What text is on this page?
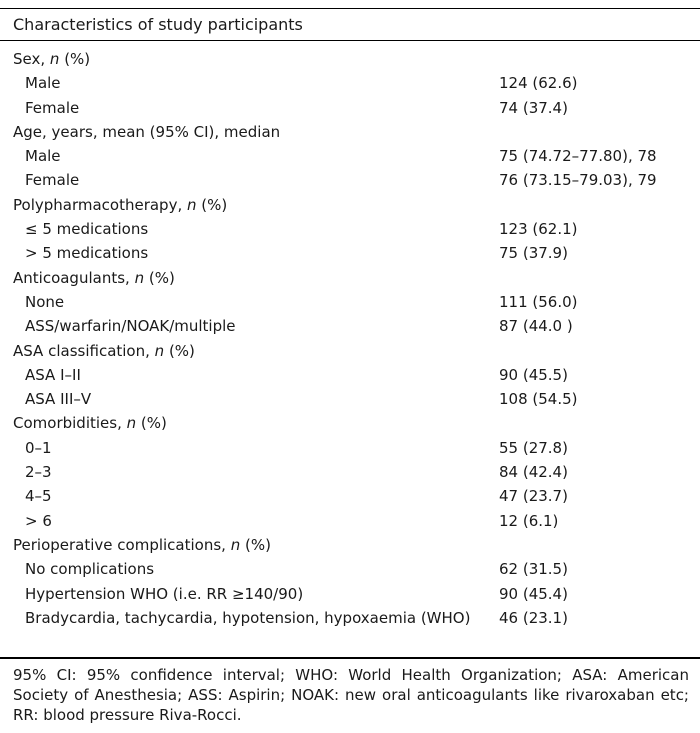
Characteristics of study participants
Sex, n (%)
Male	124 (62.6)
Female	74 (37.4)
Age, years, mean (95% CI), median
Male	75 (74.72–77.80), 78
Female	76 (73.15–79.03), 79
Polypharmacotherapy, n (%)
≤ 5 medications	123 (62.1)
> 5 medications	75 (37.9)
Anticoagulants, n (%)
None	111 (56.0)
ASS/warfarin/NOAK/multiple	87 (44.0 )
ASA classification, n (%)
ASA I–II	90 (45.5)
ASA III–V	108 (54.5)
Comorbidities, n (%)
0–1	55 (27.8)
2–3	84 (42.4)
4–5	47 (23.7)
> 6	12 (6.1)
Perioperative complications, n (%)
No complications	62 (31.5)
Hypertension WHO (i.e. RR ≥140/90)	90 (45.4)
Bradycardia, tachycardia, hypotension, hypoxaemia (WHO)	46 (23.1)
95% CI: 95% confidence interval; WHO: World Health Organization; ASA: American Society of Anesthesia; ASS: Aspirin; NOAK: new oral anticoagulants like rivaroxaban etc; RR: blood pressure Riva-Rocci.
